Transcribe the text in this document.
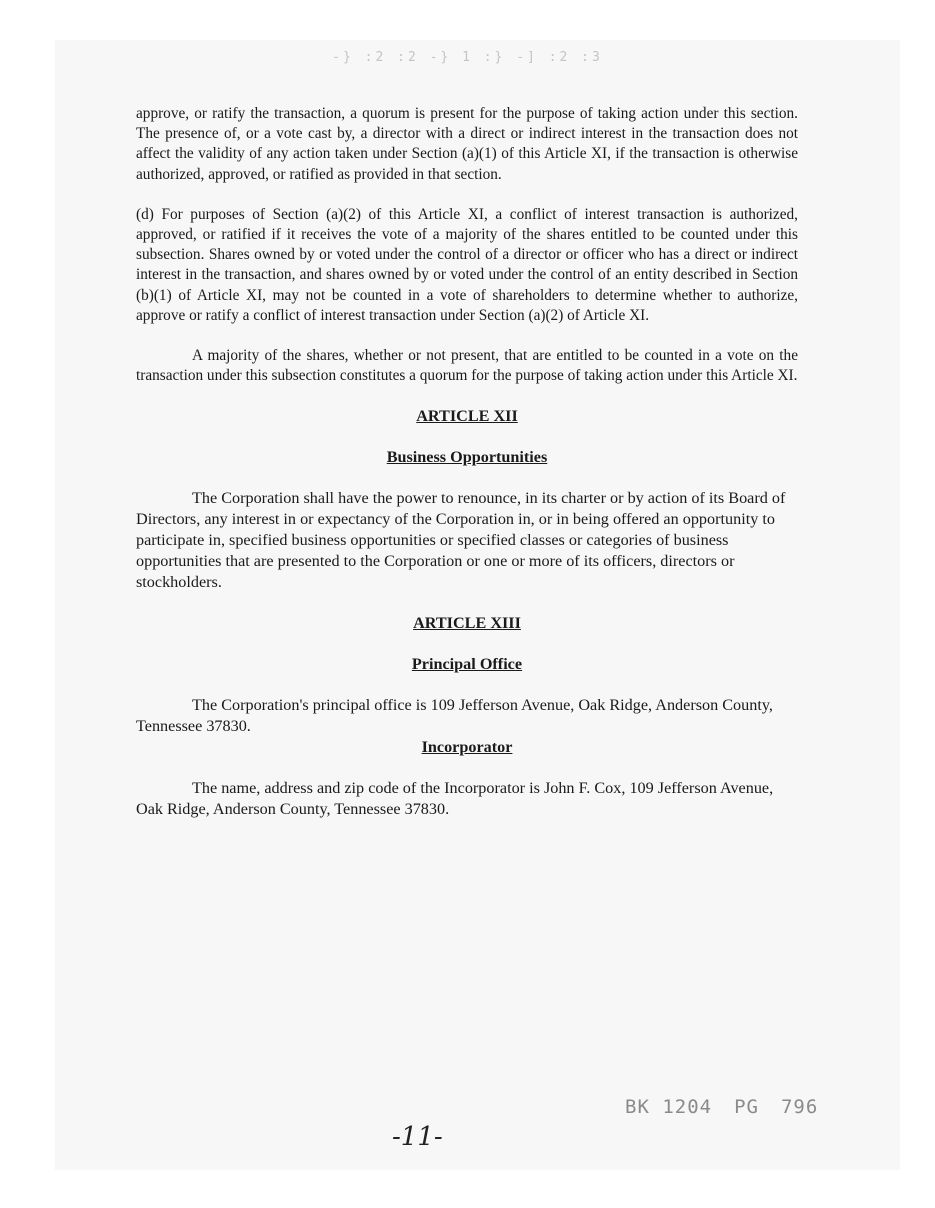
-} :2 :2 -} 1 :} -] :2 :3

approve, or ratify the transaction, a quorum is present for the purpose of taking action under this section. The presence of, or a vote cast by, a director with a direct or indirect interest in the transaction does not affect the validity of any action taken under Section (a)(1) of this Article XI, if the transaction is otherwise authorized, approved, or ratified as provided in that section.

(d) For purposes of Section (a)(2) of this Article XI, a conflict of interest transaction is authorized, approved, or ratified if it receives the vote of a majority of the shares entitled to be counted under this subsection. Shares owned by or voted under the control of a director or officer who has a direct or indirect interest in the transaction, and shares owned by or voted under the control of an entity described in Section (b)(1) of Article XI, may not be counted in a vote of shareholders to determine whether to authorize, approve or ratify a conflict of interest transaction under Section (a)(2) of Article XI.

A majority of the shares, whether or not present, that are entitled to be counted in a vote on the transaction under this subsection constitutes a quorum for the purpose of taking action under this Article XI.

ARTICLE XII

Business Opportunities

The Corporation shall have the power to renounce, in its charter or by action of its Board of Directors, any interest in or expectancy of the Corporation in, or in being offered an opportunity to participate in, specified business opportunities or specified classes or categories of business opportunities that are presented to the Corporation or one or more of its officers, directors or stockholders.

ARTICLE XIII

Principal Office

The Corporation's principal office is 109 Jefferson Avenue, Oak Ridge, Anderson County, Tennessee 37830.

Incorporator

The name, address and zip code of the Incorporator is John F. Cox, 109 Jefferson Avenue, Oak Ridge, Anderson County, Tennessee 37830.

BK 1204 PG 796
-11-
